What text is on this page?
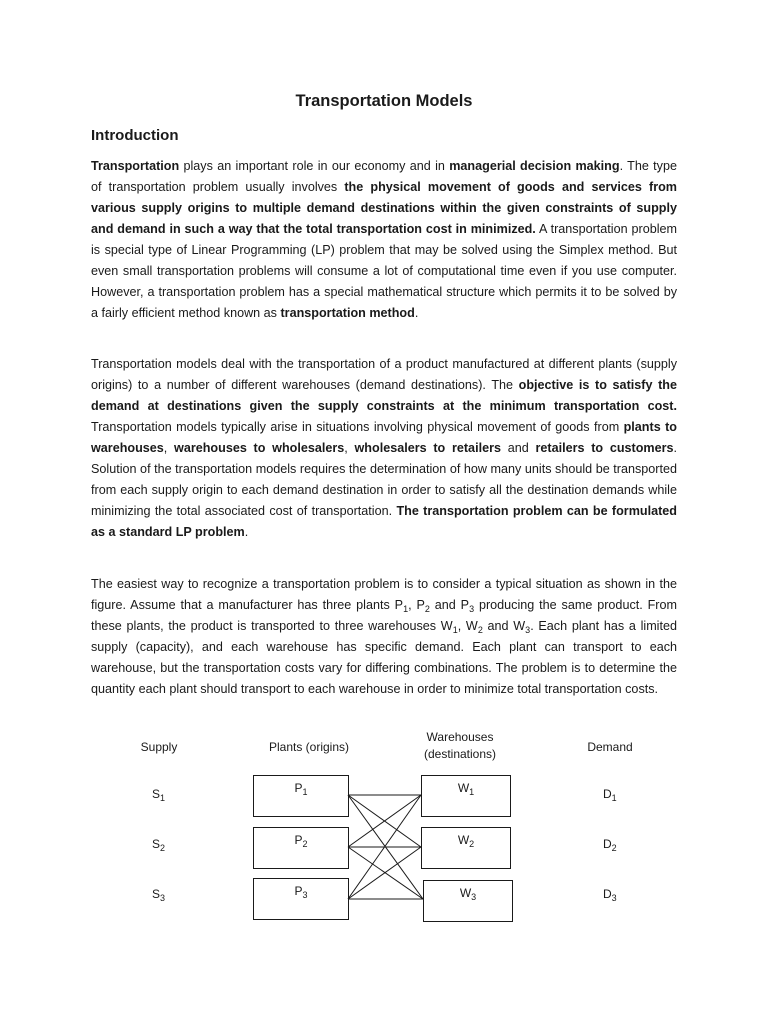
Transportation Models
Introduction

Transportation plays an important role in our economy and in managerial decision making. The type of transportation problem usually involves the physical movement of goods and services from various supply origins to multiple demand destinations within the given constraints of supply and demand in such a way that the total transportation cost in minimized. A transportation problem is special type of Linear Programming (LP) problem that may be solved using the Simplex method. But even small transportation problems will consume a lot of computational time even if you use computer. However, a transportation problem has a special mathematical structure which permits it to be solved by a fairly efficient method known as transportation method.

Transportation models deal with the transportation of a product manufactured at different plants (supply origins) to a number of different warehouses (demand destinations). The objective is to satisfy the demand at destinations given the supply constraints at the minimum transportation cost. Transportation models typically arise in situations involving physical movement of goods from plants to warehouses, warehouses to wholesalers, wholesalers to retailers and retailers to customers. Solution of the transportation models requires the determination of how many units should be transported from each supply origin to each demand destination in order to satisfy all the destination demands while minimizing the total associated cost of transportation. The transportation problem can be formulated as a standard LP problem.

The easiest way to recognize a transportation problem is to consider a typical situation as shown in the figure. Assume that a manufacturer has three plants $P_1$, $P_2$ and $P_3$ producing the same product. From these plants, the product is transported to three warehouses $W_1$, $W_2$ and $W_3$. Each plant has a limited supply (capacity), and each warehouse has specific demand. Each plant can transport to each warehouse, but the transportation costs vary for differing combinations. The problem is to determine the quantity each plant should transport to each warehouse in order to minimize total transportation costs.

Supply	Plants (origins)
Warehouses
(destinations)	Demand
$S_1$
$S_2$
$S_3$
$P_1$
$P_2$
$P_3$
$W_1$
$W_2$
$W_3$
$D_1$
$D_2$
$D_3$
